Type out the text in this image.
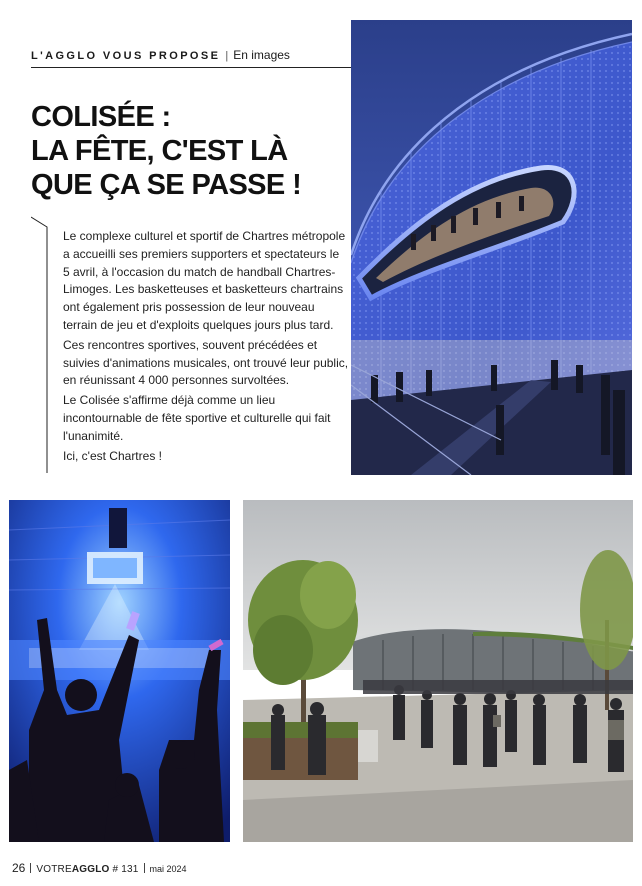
L'AGGLO VOUS PROPOSE | En images
COLISÉE :
LA FÊTE, C'EST LÀ
QUE ÇA SE PASSE !

Le complexe culturel et sportif de Chartres métropole a accueilli ses premiers supporters et spectateurs le 5 avril, à l'occasion du match de handball Chartres-Limoges. Les basketteuses et basketteurs chartrains ont également pris possession de leur nouveau terrain de jeu et d'exploits quelques jours plus tard.

Ces rencontres sportives, souvent précédées et suivies d'animations musicales, ont trouvé leur public, en réunissant 4 000 personnes survoltées.

Le Colisée s'affirme déjà comme un lieu incontournable de fête sportive et culturelle qui fait l'unanimité.

Ici, c'est Chartres !

26 VOTREAGGLO # 131 mai 2024
